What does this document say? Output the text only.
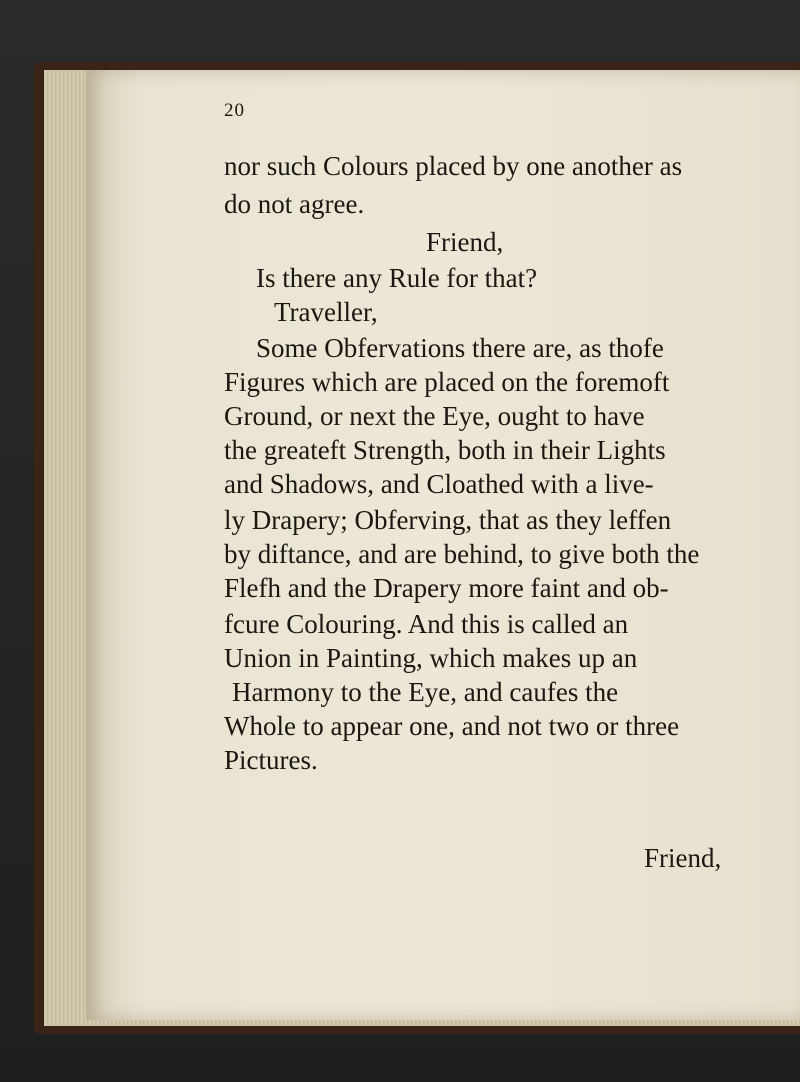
20
nor such Colours placed by one another as
do not agree.
Friend,
Is there any Rule for that?
Traveller,
Some Obfervations there are, as thofe
Figures which are placed on the foremoft
Ground, or next the Eye, ought to have
the greateft Strength, both in their Lights
and Shadows, and Cloathed with a live-
ly Drapery; Obferving, that as they leffen
by diftance, and are behind, to give both the
Flefh and the Drapery more faint and ob-
fcure Colouring. And this is called an
Union in Painting, which makes up an
Harmony to the Eye, and caufes the
Whole to appear one, and not two or three
Pictures.
Friend,
